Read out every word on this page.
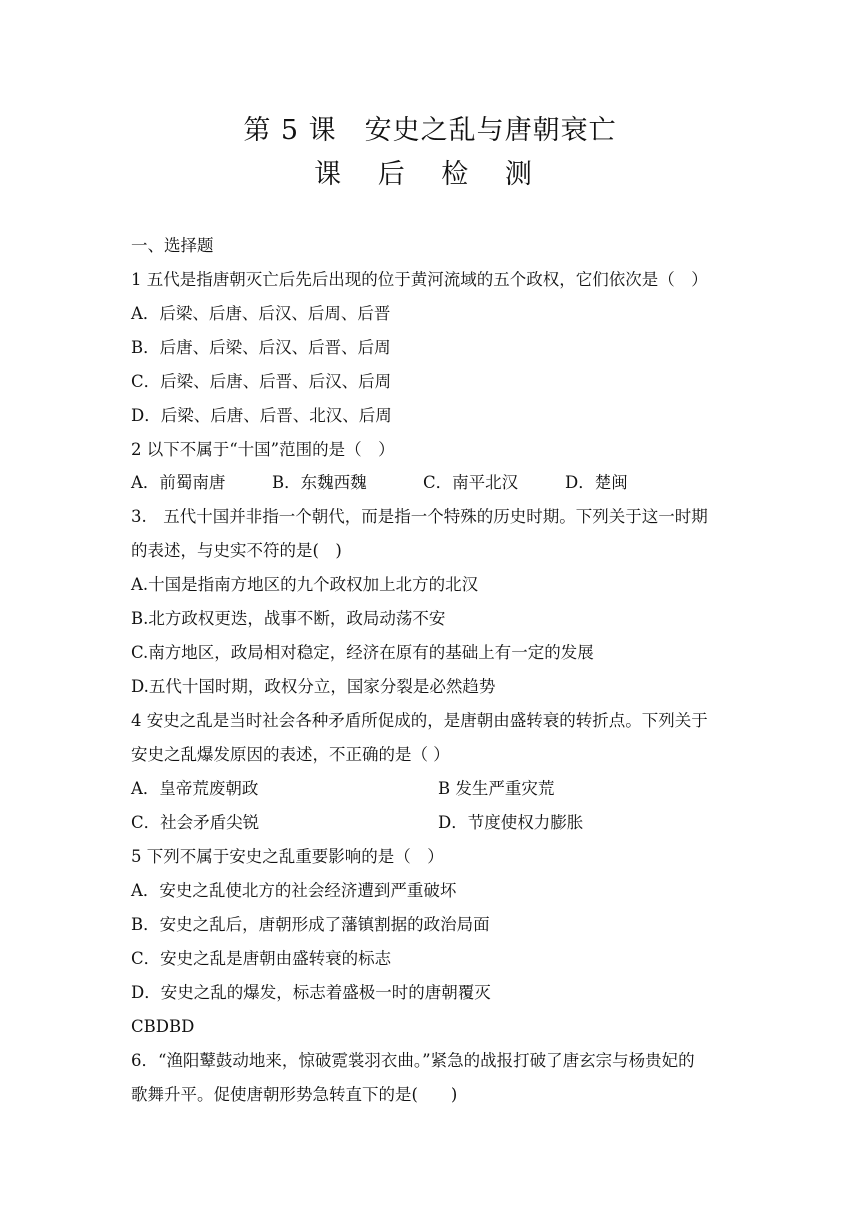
第 5 课　安史之乱与唐朝衰亡
课 后 检 测
一、选择题
1 五代是指唐朝灭亡后先后出现的位于黄河流域的五个政权，它们依次是（　）
A．后梁、后唐、后汉、后周、后晋
B．后唐、后梁、后汉、后晋、后周
C．后梁、后唐、后晋、后汉、后周
D．后梁、后唐、后晋、北汉、后周
2 以下不属于“十国”范围的是（　）
A．前蜀南唐	B．东魏西魏	C．南平北汉	D．楚闽
3.　五代十国并非指一个朝代，而是指一个特殊的历史时期。下列关于这一时期
的表述，与史实不符的是(　)
A.十国是指南方地区的九个政权加上北方的北汉
B.北方政权更迭，战事不断，政局动荡不安
C.南方地区，政局相对稳定，经济在原有的基础上有一定的发展
D.五代十国时期，政权分立，国家分裂是必然趋势
4 安史之乱是当时社会各种矛盾所促成的，是唐朝由盛转衰的转折点。下列关于
安史之乱爆发原因的表述，不正确的是（ ）
A．皇帝荒废朝政	B 发生严重灾荒
C．社会矛盾尖锐	D．节度使权力膨胀
5 下列不属于安史之乱重要影响的是（　）
A．安史之乱使北方的社会经济遭到严重破坏
B．安史之乱后，唐朝形成了藩镇割据的政治局面
C．安史之乱是唐朝由盛转衰的标志
D．安史之乱的爆发，标志着盛极一时的唐朝覆灭
CBDBD
6．“渔阳鼙鼓动地来，惊破霓裳羽衣曲。”紧急的战报打破了唐玄宗与杨贵妃的
歌舞升平。促使唐朝形势急转直下的是(　　)
